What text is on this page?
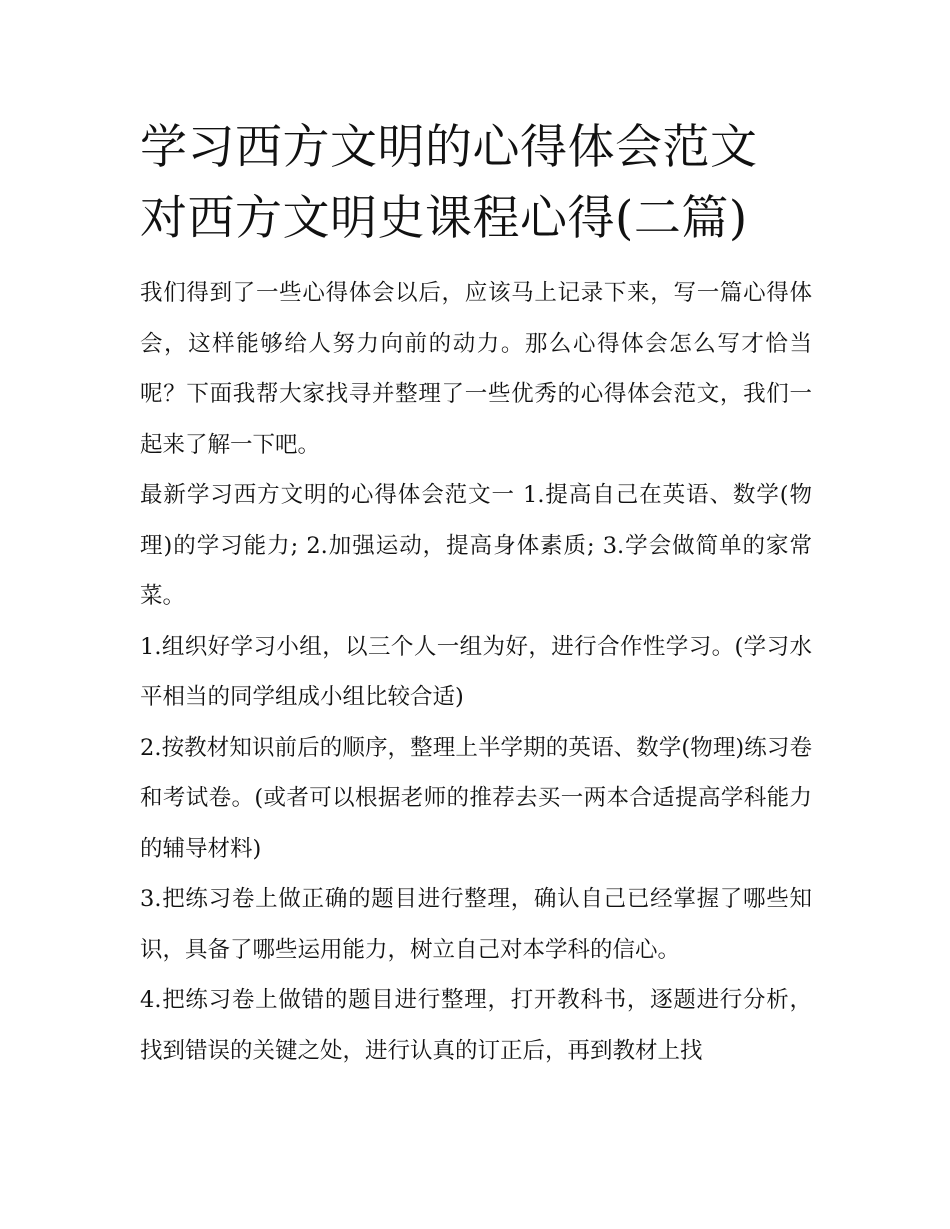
学习西方文明的心得体会范文
对西方文明史课程心得(二篇)

我们得到了一些心得体会以后，应该马上记录下来，写一篇心得体会，这样能够给人努力向前的动力。那么心得体会怎么写才恰当呢？下面我帮大家找寻并整理了一些优秀的心得体会范文，我们一起来了解一下吧。

最新学习西方文明的心得体会范文一 1.提高自己在英语、数学(物理)的学习能力; 2.加强运动，提高身体素质; 3.学会做简单的家常菜。

1.组织好学习小组，以三个人一组为好，进行合作性学习。(学习水平相当的同学组成小组比较合适)

2.按教材知识前后的顺序，整理上半学期的英语、数学(物理)练习卷和考试卷。(或者可以根据老师的推荐去买一两本合适提高学科能力的辅导材料)

3.把练习卷上做正确的题目进行整理，确认自己已经掌握了哪些知识，具备了哪些运用能力，树立自己对本学科的信心。

4.把练习卷上做错的题目进行整理，打开教科书，逐题进行分析，找到错误的关键之处，进行认真的订正后，再到教材上找
